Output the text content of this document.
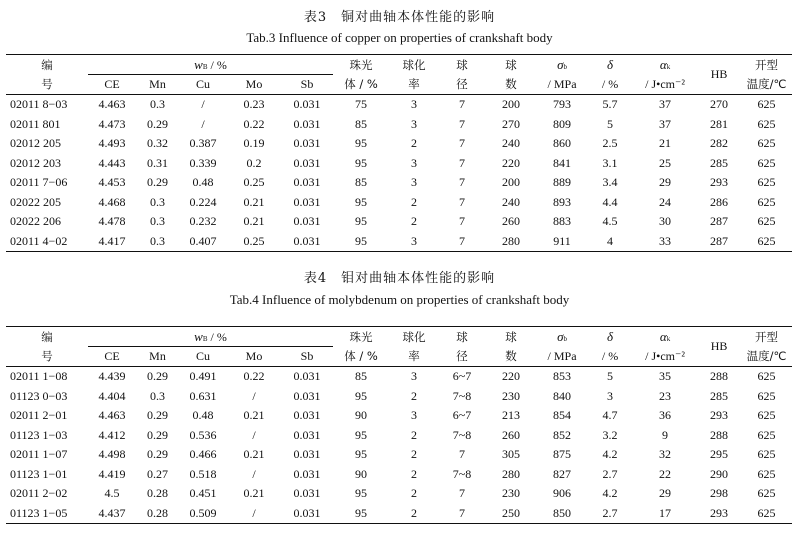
表3　铜对曲轴本体性能的影响
Tab.3 Influence of copper on properties of crankshaft body
编	wB / %					珠光	球化	球	球	σb	δ	αk	HB	开型
号	CE	Mn	Cu	Mo	Sb	体 / %	率	径	数	/ MPa	/ %	/ J•cm⁻²		温度/℃
02011 8−03	4.463	0.3	/	0.23	0.031	75	3	7	200	793	5.7	37	270	625
02011 801	4.473	0.29	/	0.22	0.031	85	3	7	270	809	5	37	281	625
02012 205	4.493	0.32	0.387	0.19	0.031	95	2	7	240	860	2.5	21	282	625
02012 203	4.443	0.31	0.339	0.2	0.031	95	3	7	220	841	3.1	25	285	625
02011 7−06	4.453	0.29	0.48	0.25	0.031	85	3	7	200	889	3.4	29	293	625
02022 205	4.468	0.3	0.224	0.21	0.031	95	2	7	240	893	4.4	24	286	625
02022 206	4.478	0.3	0.232	0.21	0.031	95	2	7	260	883	4.5	30	287	625
02011 4−02	4.417	0.3	0.407	0.25	0.031	95	3	7	280	911	4	33	287	625
表4　钼对曲轴本体性能的影响
Tab.4 Influence of molybdenum on properties of crankshaft body
编	wB / %					珠光	球化	球	球	σb	δ	αk	HB	开型
号	CE	Mn	Cu	Mo	Sb	体 / %	率	径	数	/ MPa	/ %	/ J•cm⁻²		温度/℃
02011 1−08	4.439	0.29	0.491	0.22	0.031	85	3	6~7	220	853	5	35	288	625
01123 0−03	4.404	0.3	0.631	/	0.031	95	2	7~8	230	840	3	23	285	625
02011 2−01	4.463	0.29	0.48	0.21	0.031	90	3	6~7	213	854	4.7	36	293	625
01123 1−03	4.412	0.29	0.536	/	0.031	95	2	7~8	260	852	3.2	9	288	625
02011 1−07	4.498	0.29	0.466	0.21	0.031	95	2	7	305	875	4.2	32	295	625
01123 1−01	4.419	0.27	0.518	/	0.031	90	2	7~8	280	827	2.7	22	290	625
02011 2−02	4.5	0.28	0.451	0.21	0.031	95	2	7	230	906	4.2	29	298	625
01123 1−05	4.437	0.28	0.509	/	0.031	95	2	7	250	850	2.7	17	293	625
